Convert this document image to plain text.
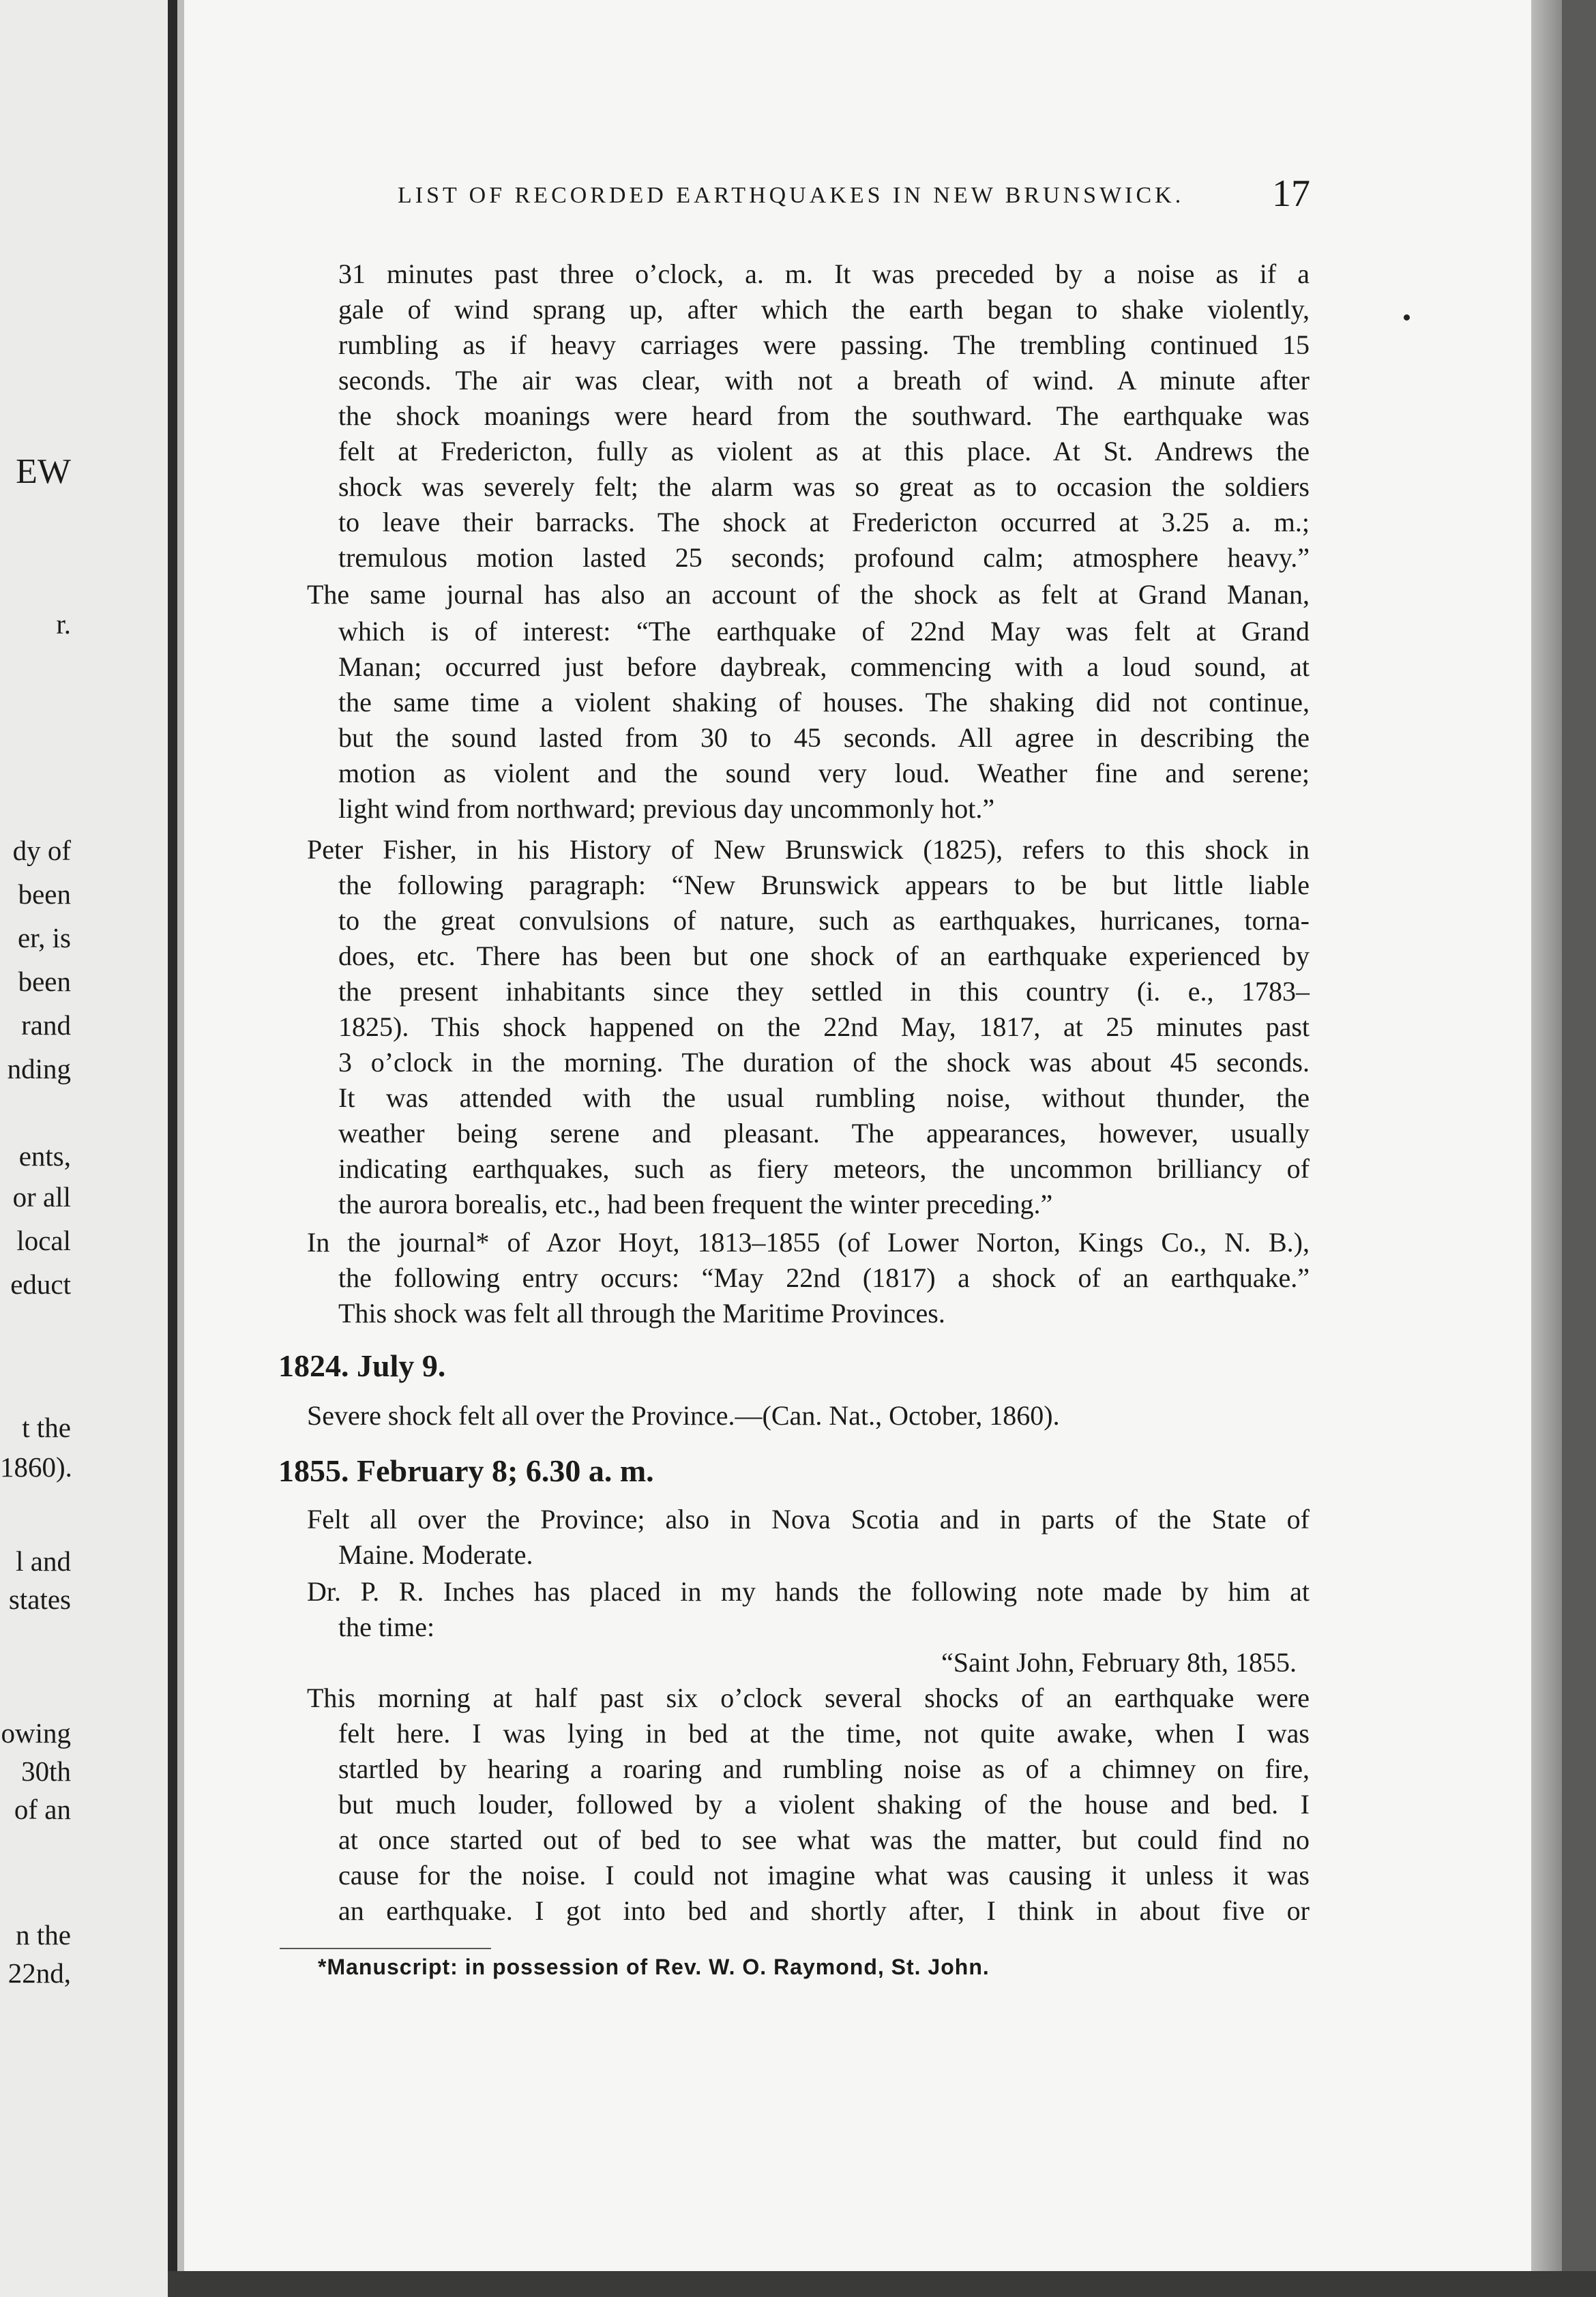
EW
r.
dy of
been
er, is
been
rand
nding
ents,
or all
local
educt
t the
1860).
l and
states
owing
30th
of an
n the
22nd,
LIST OF RECORDED EARTHQUAKES IN NEW BRUNSWICK. 17
31 minutes past three o’clock, a. m. It was preceded by a noise as if a
gale of wind sprang up, after which the earth began to shake violently,
rumbling as if heavy carriages were passing. The trembling continued 15
seconds. The air was clear, with not a breath of wind. A minute after
the shock moanings were heard from the southward. The earthquake was
felt at Fredericton, fully as violent as at this place. At St. Andrews the
shock was severely felt; the alarm was so great as to occasion the soldiers
to leave their barracks. The shock at Fredericton occurred at 3.25 a. m.;
tremulous motion lasted 25 seconds; profound calm; atmosphere heavy.”
The same journal has also an account of the shock as felt at Grand Manan,
which is of interest: “The earthquake of 22nd May was felt at Grand
Manan; occurred just before daybreak, commencing with a loud sound, at
the same time a violent shaking of houses. The shaking did not continue,
but the sound lasted from 30 to 45 seconds. All agree in describing the
motion as violent and the sound very loud. Weather fine and serene;
light wind from northward; previous day uncommonly hot.”
Peter Fisher, in his History of New Brunswick (1825), refers to this shock in
the following paragraph: “New Brunswick appears to be but little liable
to the great convulsions of nature, such as earthquakes, hurricanes, torna-
does, etc. There has been but one shock of an earthquake experienced by
the present inhabitants since they settled in this country (i. e., 1783–
1825). This shock happened on the 22nd May, 1817, at 25 minutes past
3 o’clock in the morning. The duration of the shock was about 45 seconds.
It was attended with the usual rumbling noise, without thunder, the
weather being serene and pleasant. The appearances, however, usually
indicating earthquakes, such as fiery meteors, the uncommon brilliancy of
the aurora borealis, etc., had been frequent the winter preceding.”
In the journal* of Azor Hoyt, 1813–1855 (of Lower Norton, Kings Co., N. B.),
the following entry occurs: “May 22nd (1817) a shock of an earthquake.”
This shock was felt all through the Maritime Provinces.
1824. July 9.
Severe shock felt all over the Province.—(Can. Nat., October, 1860).
1855. February 8; 6.30 a. m.
Felt all over the Province; also in Nova Scotia and in parts of the State of
Maine. Moderate.
Dr. P. R. Inches has placed in my hands the following note made by him at
the time:
“Saint John, February 8th, 1855.
This morning at half past six o’clock several shocks of an earthquake were
felt here. I was lying in bed at the time, not quite awake, when I was
startled by hearing a roaring and rumbling noise as of a chimney on fire,
but much louder, followed by a violent shaking of the house and bed. I
at once started out of bed to see what was the matter, but could find no
cause for the noise. I could not imagine what was causing it unless it was
an earthquake. I got into bed and shortly after, I think in about five or
*Manuscript: in possession of Rev. W. O. Raymond, St. John.
